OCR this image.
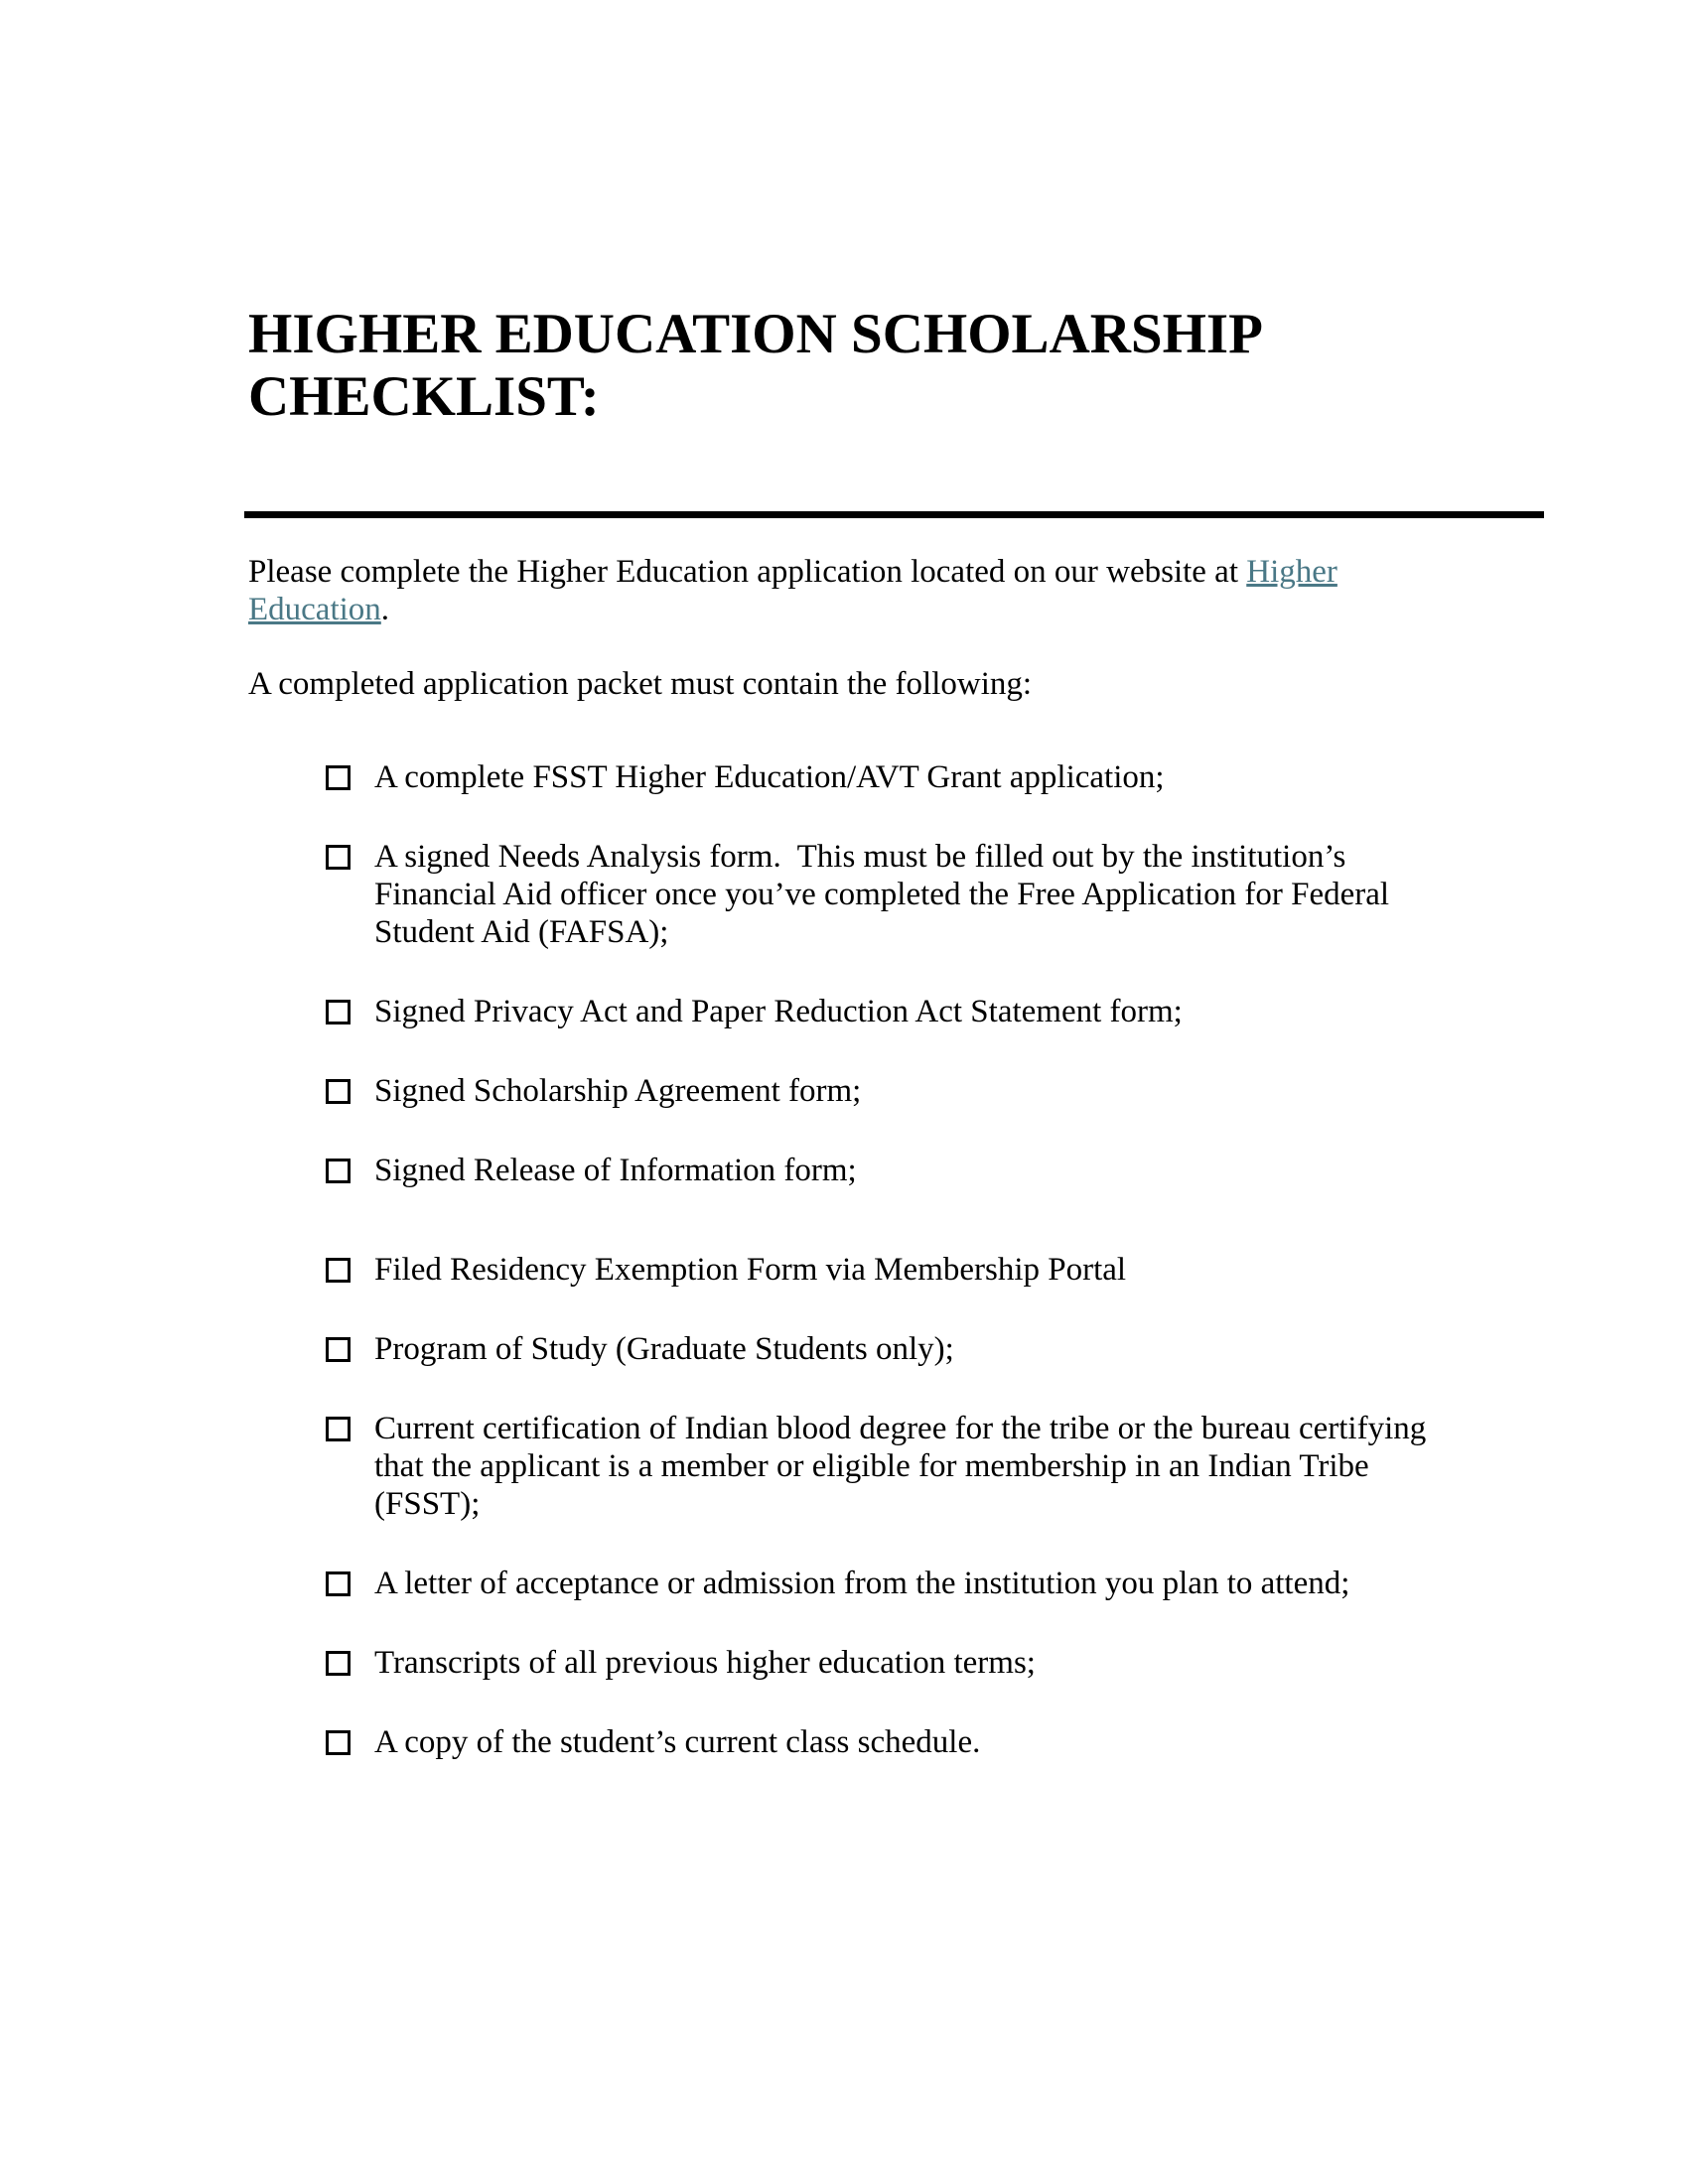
HIGHER EDUCATION SCHOLARSHIP CHECKLIST:

Please complete the Higher Education application located on our website at Higher Education.

A completed application packet must contain the following:

A complete FSST Higher Education/AVT Grant application;
A signed Needs Analysis form.  This must be filled out by the institution’s Financial Aid officer once you’ve completed the Free Application for Federal Student Aid (FAFSA);
Signed Privacy Act and Paper Reduction Act Statement form;
Signed Scholarship Agreement form;
Signed Release of Information form;
Filed Residency Exemption Form via Membership Portal
Program of Study (Graduate Students only);
Current certification of Indian blood degree for the tribe or the bureau certifying that the applicant is a member or eligible for membership in an Indian Tribe (FSST);
A letter of acceptance or admission from the institution you plan to attend;
Transcripts of all previous higher education terms;
A copy of the student’s current class schedule.
